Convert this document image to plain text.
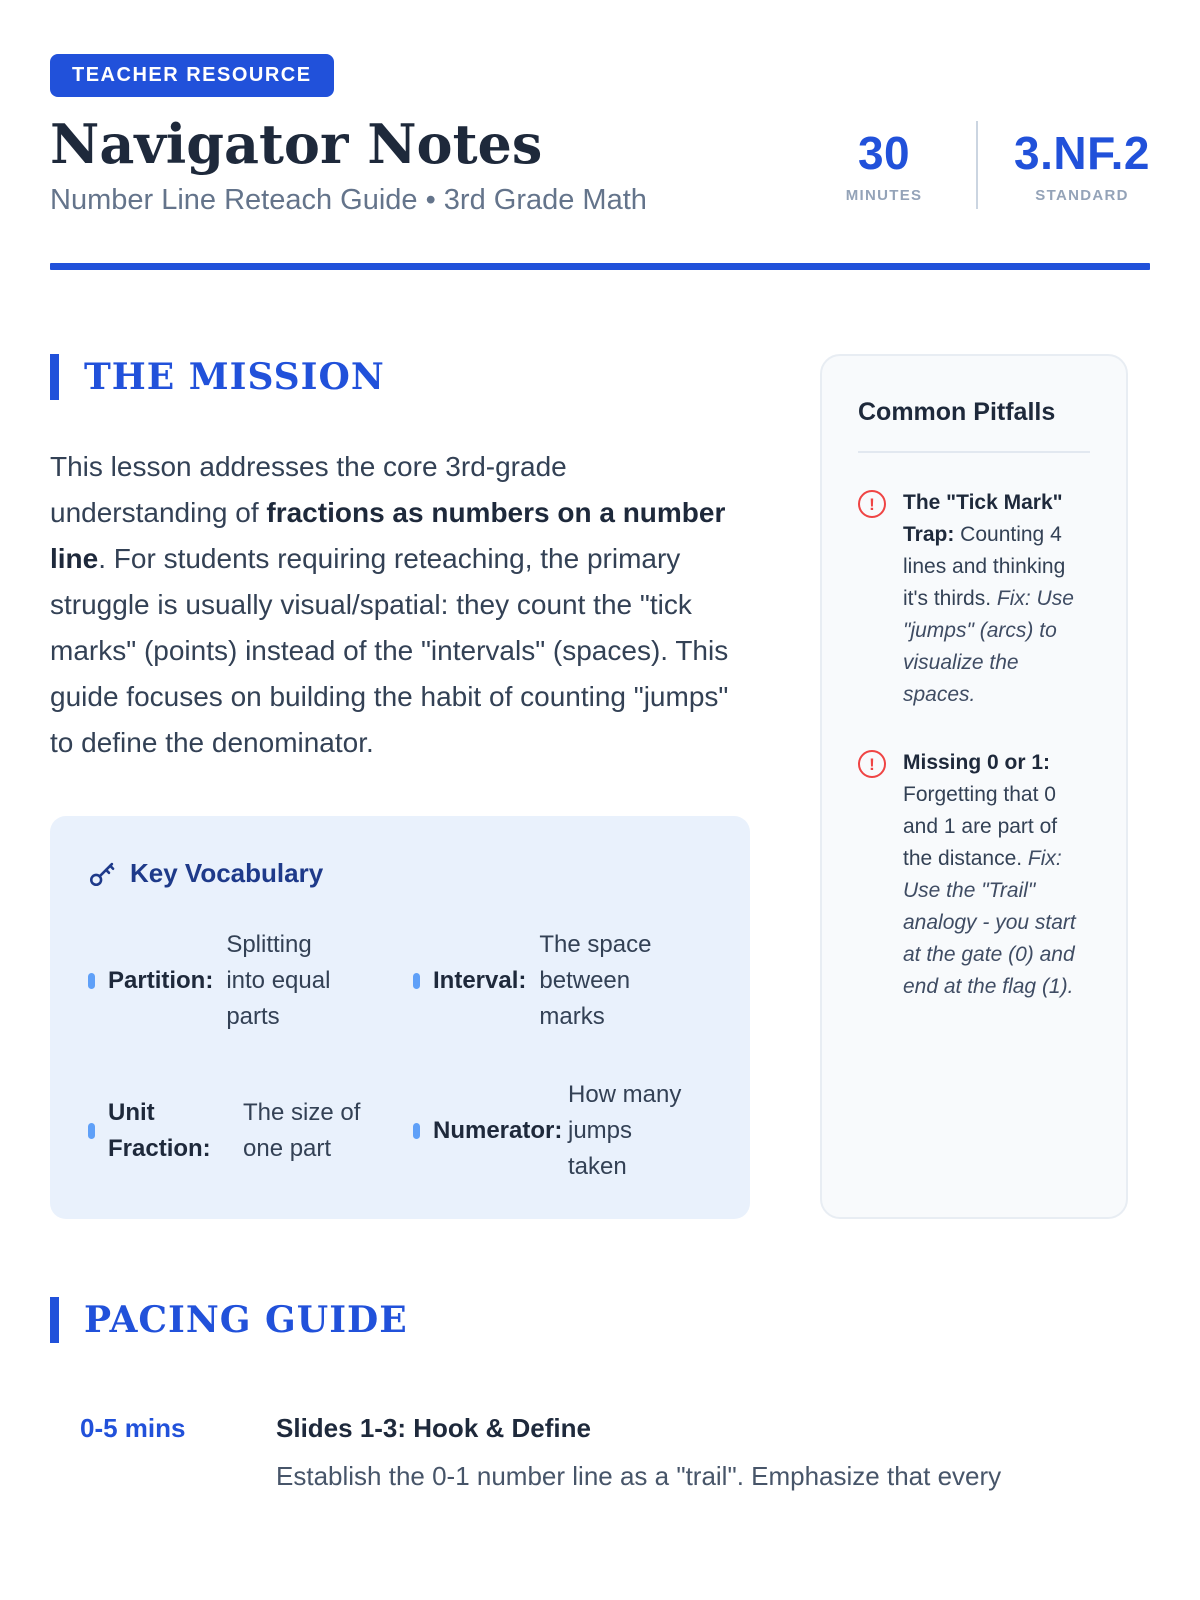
TEACHER RESOURCE
Navigator Notes
Number Line Reteach Guide • 3rd Grade Math
30
MINUTES
3.NF.2
STANDARD
THE MISSION

This lesson addresses the core 3rd-grade understanding of fractions as numbers on a number line. For students requiring reteaching, the primary struggle is usually visual/spatial: they count the "tick marks" (points) instead of the "intervals" (spaces). This guide focuses on building the habit of counting "jumps" to define the denominator.

Key Vocabulary
Partition:
Splitting into equal parts
Interval:
The space between marks
Unit Fraction:
The size of one part
Numerator:
How many jumps taken
Common Pitfalls
!	The "Tick Mark" Trap: Counting 4 lines and thinking it's thirds. Fix: Use "jumps" (arcs) to visualize the spaces.
!	Missing 0 or 1: Forgetting that 0 and 1 are part of the distance. Fix: Use the "Trail" analogy - you start at the gate (0) and end at the flag (1).
PACING GUIDE
0-5 mins	Slides 1-3: Hook & Define
Establish the 0-1 number line as a "trail". Emphasize that every
